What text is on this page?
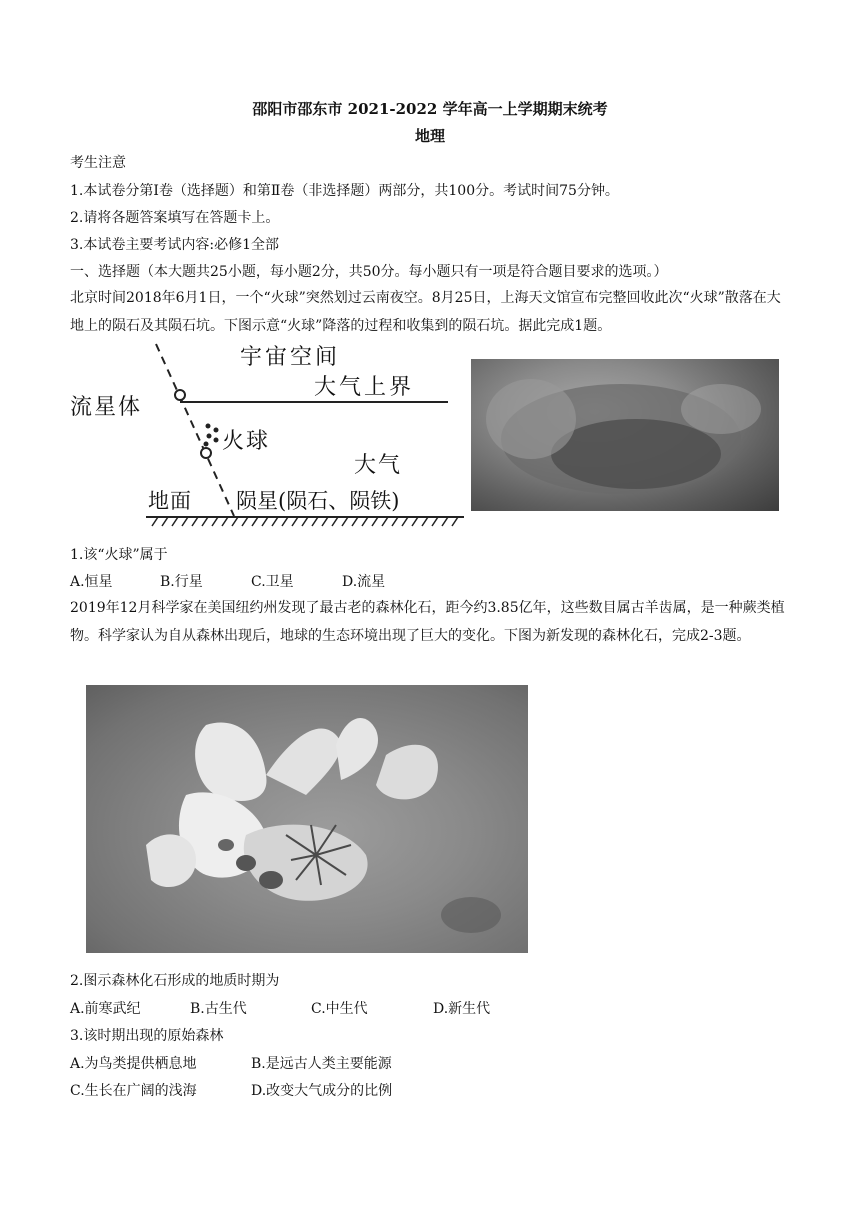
邵阳市邵东市 2021-2022 学年高一上学期期末统考
地理
考生注意
1.本试卷分第Ⅰ卷（选择题）和第Ⅱ卷（非选择题）两部分，共100分。考试时间75分钟。
2.请将各题答案填写在答题卡上。
3.本试卷主要考试内容:必修1全部
一、选择题（本大题共25小题，每小题2分，共50分。每小题只有一项是符合题目要求的选项。）
北京时间2018年6月1日，一个“火球”突然划过云南夜空。8月25日，上海天文馆宣布完整回收此次“火球”散落在大地上的陨石及其陨石坑。下图示意“火球”降落的过程和收集到的陨石坑。据此完成1题。
宇宙空间
大气上界
流星体
火球
大气
地面 陨星(陨石、陨铁)
1.该“火球”属于
A.恒星	B.行星	C.卫星	D.流星
2019年12月科学家在美国纽约州发现了最古老的森林化石，距今约3.85亿年，这些数目属古羊齿属，是一种蕨类植物。科学家认为自从森林出现后，地球的生态环境出现了巨大的变化。下图为新发现的森林化石，完成2-3题。
2.图示森林化石形成的地质时期为
A.前寒武纪	B.古生代	C.中生代	D.新生代
3.该时期出现的原始森林
A.为鸟类提供栖息地	B.是远古人类主要能源
C.生长在广阔的浅海	D.改变大气成分的比例
